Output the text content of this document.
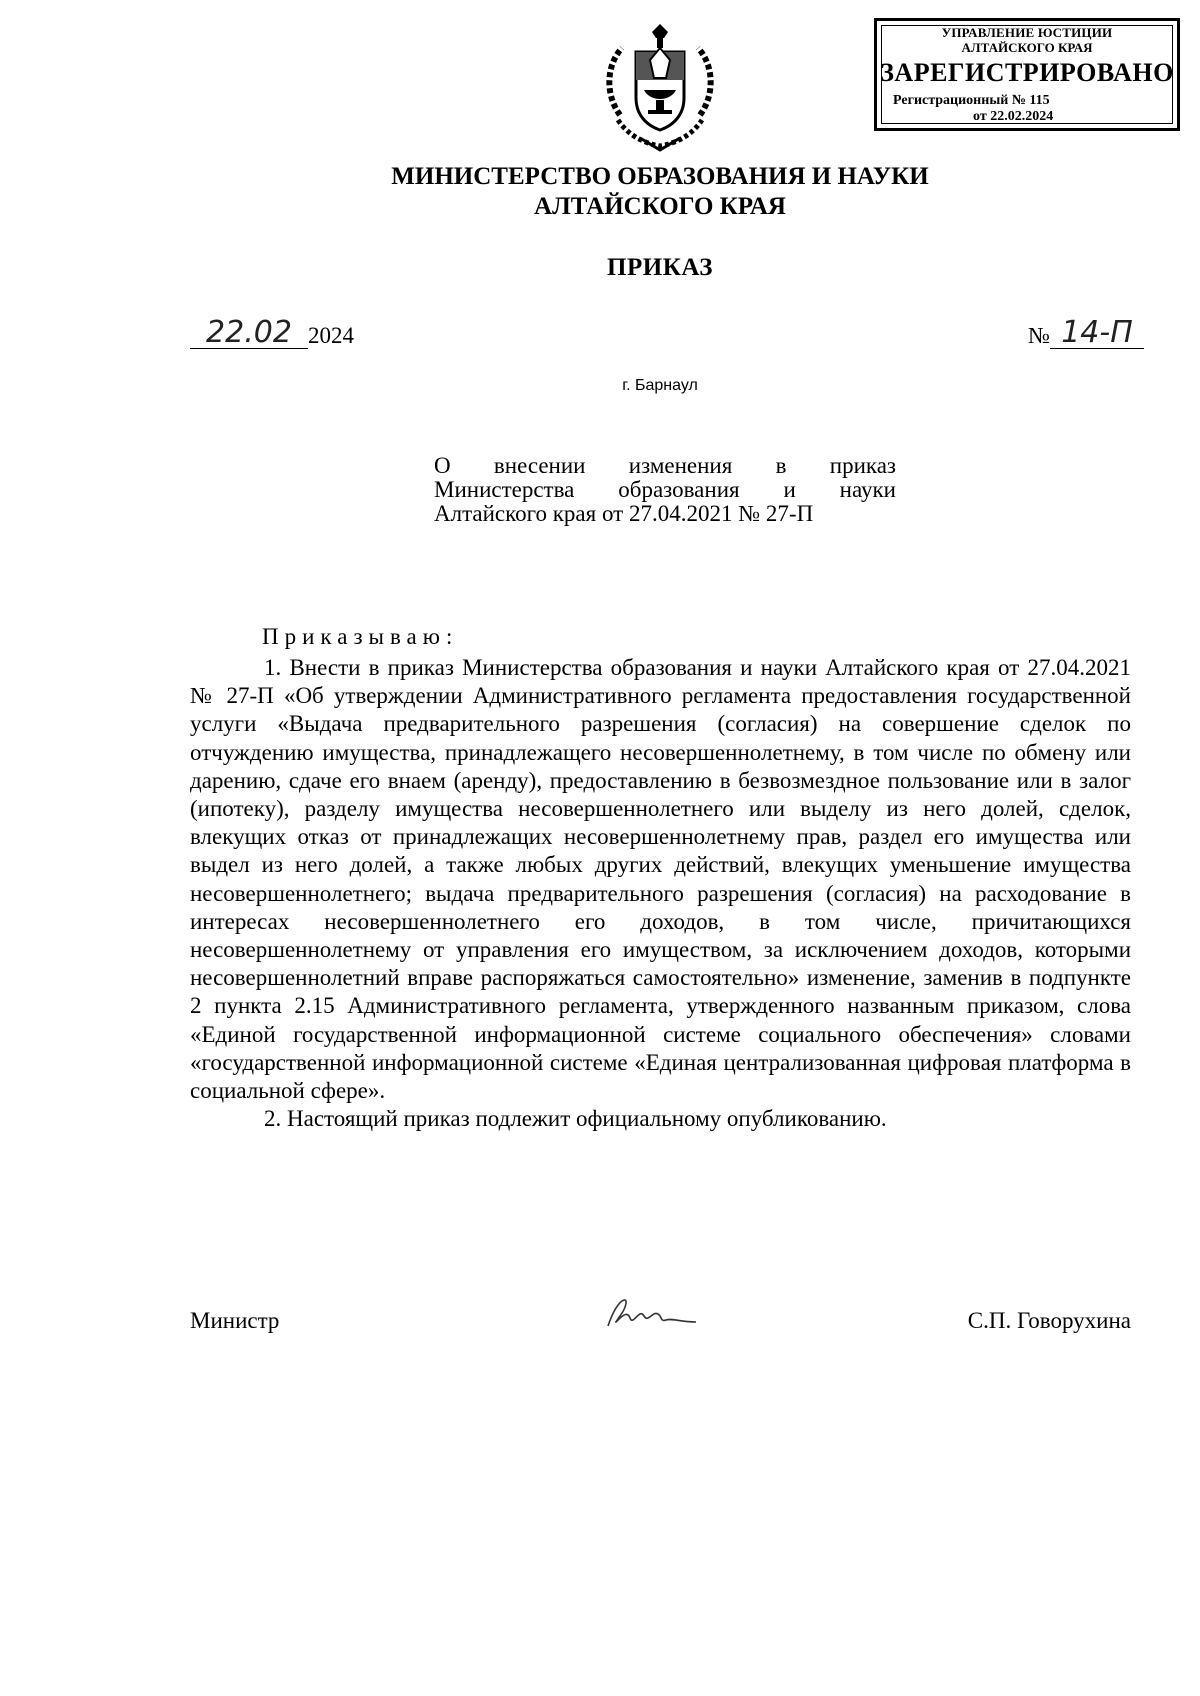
УПРАВЛЕНИЕ ЮСТИЦИИ
АЛТАЙСКОГО КРАЯ
ЗАРЕГИСТРИРОВАНО
Регистрационный № 115
от 22.02.2024
МИНИСТЕРСТВО ОБРАЗОВАНИЯ И НАУКИ
АЛТАЙСКОГО КРАЯ
ПРИКАЗ
22.02 2024	№ 14-П
г. Барнаул
О внесении изменения в приказ
Министерства образования и науки
Алтайского края от 27.04.2021 № 27-П
Приказываю:

1. Внести в приказ Министерства образования и науки Алтайского края от 27.04.2021 № 27-П «Об утверждении Административного регламента предоставления государственной услуги «Выдача предварительного разрешения (согласия) на совершение сделок по отчуждению имущества, принадлежащего несовершеннолетнему, в том числе по обмену или дарению, сдаче его внаем (аренду), предоставлению в безвозмездное пользование или в залог (ипотеку), разделу имущества несовершеннолетнего или выделу из него долей, сделок, влекущих отказ от принадлежащих несовершеннолетнему прав, раздел его имущества или выдел из него долей, а также любых других действий, влекущих уменьшение имущества несовершеннолетнего; выдача предварительного разрешения (согласия) на расходование в интересах несовершеннолетнего его доходов, в том числе, причитающихся несовершеннолетнему от управления его имуществом, за исключением доходов, которыми несовершеннолетний вправе распоряжаться самостоятельно» изменение, заменив в подпункте 2 пункта 2.15 Административного регламента, утвержденного названным приказом, слова «Единой государственной информационной системе социального обеспечения» словами «государственной информационной системе «Единая централизованная цифровая платформа в социальной сфере».

2. Настоящий приказ подлежит официальному опубликованию.

Министр	С.П. Говорухина
